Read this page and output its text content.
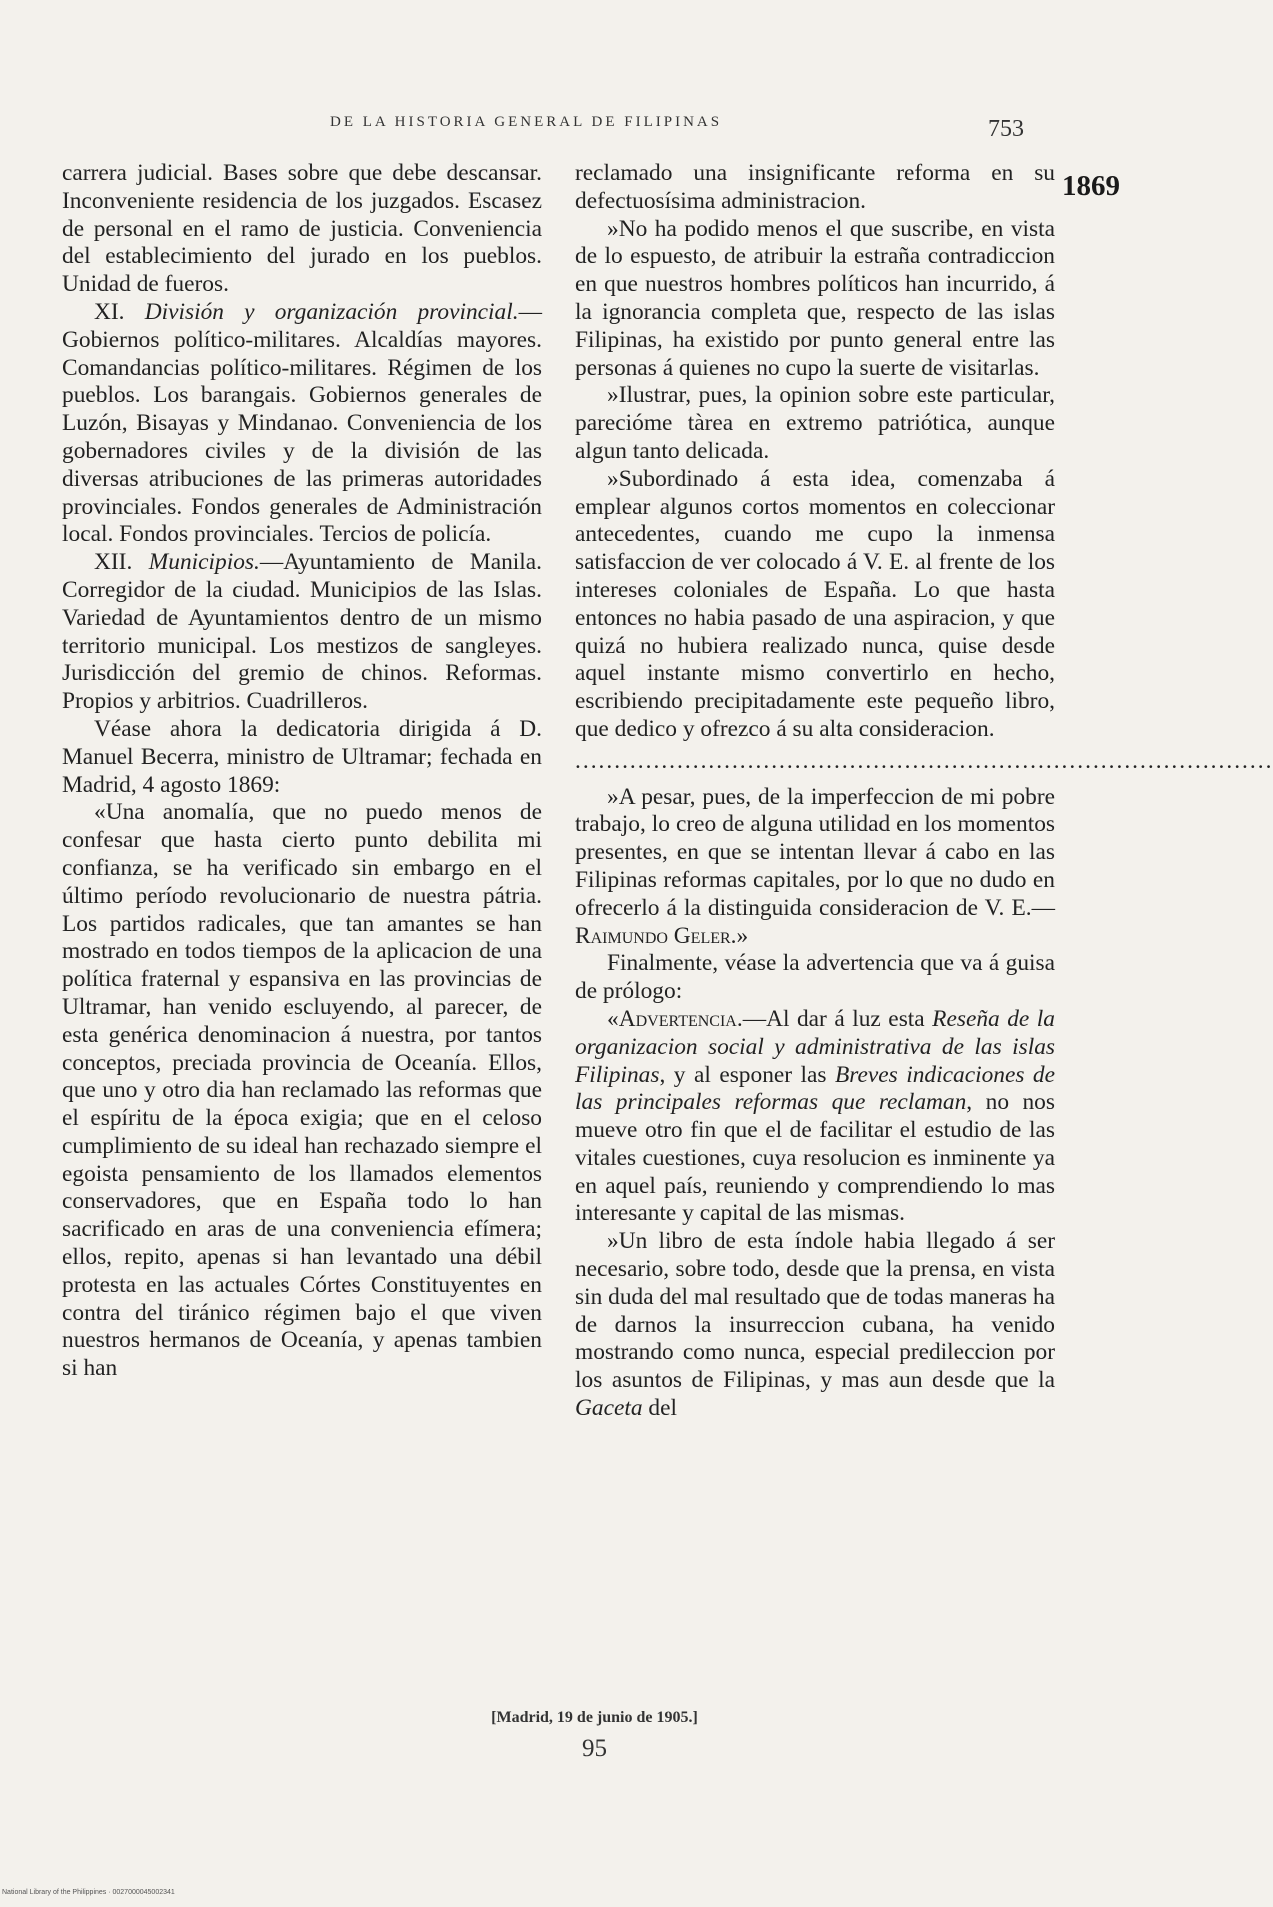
DE LA HISTORIA GENERAL DE FILIPINAS	753
1869

carrera judicial. Bases sobre que debe descansar. Inconveniente residencia de los juzgados. Escasez de personal en el ramo de justicia. Conveniencia del establecimiento del jurado en los pueblos. Unidad de fueros.

XI. División y organización provincial.—Gobiernos político-militares. Alcaldías mayores. Comandancias político-militares. Régimen de los pueblos. Los barangais. Gobiernos generales de Luzón, Bisayas y Mindanao. Conveniencia de los gobernadores civiles y de la división de las diversas atribuciones de las primeras autoridades provinciales. Fondos generales de Administración local. Fondos provinciales. Tercios de policía.

XII. Municipios.—Ayuntamiento de Manila. Corregidor de la ciudad. Municipios de las Islas. Variedad de Ayuntamientos dentro de un mismo territorio municipal. Los mestizos de sangleyes. Jurisdicción del gremio de chinos. Reformas. Propios y arbitrios. Cuadrilleros.

Véase ahora la dedicatoria dirigida á D. Manuel Becerra, ministro de Ultramar; fechada en Madrid, 4 agosto 1869:

«Una anomalía, que no puedo menos de confesar que hasta cierto punto debilita mi confianza, se ha verificado sin embargo en el último período revolucionario de nuestra pátria. Los partidos radicales, que tan amantes se han mostrado en todos tiempos de la aplicacion de una política fraternal y espansiva en las provincias de Ultramar, han venido escluyendo, al parecer, de esta genérica denominacion á nuestra, por tantos conceptos, preciada provincia de Oceanía. Ellos, que uno y otro dia han reclamado las reformas que el espíritu de la época exigia; que en el celoso cumplimiento de su ideal han rechazado siempre el egoista pensamiento de los llamados elementos conservadores, que en España todo lo han sacrificado en aras de una conveniencia efímera; ellos, repito, apenas si han levantado una débil protesta en las actuales Córtes Constituyentes en contra del tiránico régimen bajo el que viven nuestros hermanos de Oceanía, y apenas tambien si han

reclamado una insignificante reforma en su defectuosísima administracion.

»No ha podido menos el que suscribe, en vista de lo espuesto, de atribuir la estraña contradiccion en que nuestros hombres políticos han incurrido, á la ignorancia completa que, respecto de las islas Filipinas, ha existido por punto general entre las personas á quienes no cupo la suerte de visitarlas.

»Ilustrar, pues, la opinion sobre este particular, parecióme tàrea en extremo patriótica, aunque algun tanto delicada.

»Subordinado á esta idea, comenzaba á emplear algunos cortos momentos en coleccionar antecedentes, cuando me cupo la inmensa satisfaccion de ver colocado á V. E. al frente de los intereses coloniales de España. Lo que hasta entonces no habia pasado de una aspiracion, y que quizá no hubiera realizado nunca, quise desde aquel instante mismo convertirlo en hecho, escribiendo precipitadamente este pequeño libro, que dedico y ofrezco á su alta consideracion.

.........................................................................................

»A pesar, pues, de la imperfeccion de mi pobre trabajo, lo creo de alguna utilidad en los momentos presentes, en que se intentan llevar á cabo en las Filipinas reformas capitales, por lo que no dudo en ofrecerlo á la distinguida consideracion de V. E.—Raimundo Geler.»

Finalmente, véase la advertencia que va á guisa de prólogo:

«Advertencia.—Al dar á luz esta Reseña de la organizacion social y administrativa de las islas Filipinas, y al esponer las Breves indicaciones de las principales reformas que reclaman, no nos mueve otro fin que el de facilitar el estudio de las vitales cuestiones, cuya resolucion es inminente ya en aquel país, reuniendo y comprendiendo lo mas interesante y capital de las mismas.

»Un libro de esta índole habia llegado á ser necesario, sobre todo, desde que la prensa, en vista sin duda del mal resultado que de todas maneras ha de darnos la insurreccion cubana, ha venido mostrando como nunca, especial predileccion por los asuntos de Filipinas, y mas aun desde que la Gaceta del

[Madrid, 19 de junio de 1905.]
95
National Library of the Philippines · 0027000045002341
